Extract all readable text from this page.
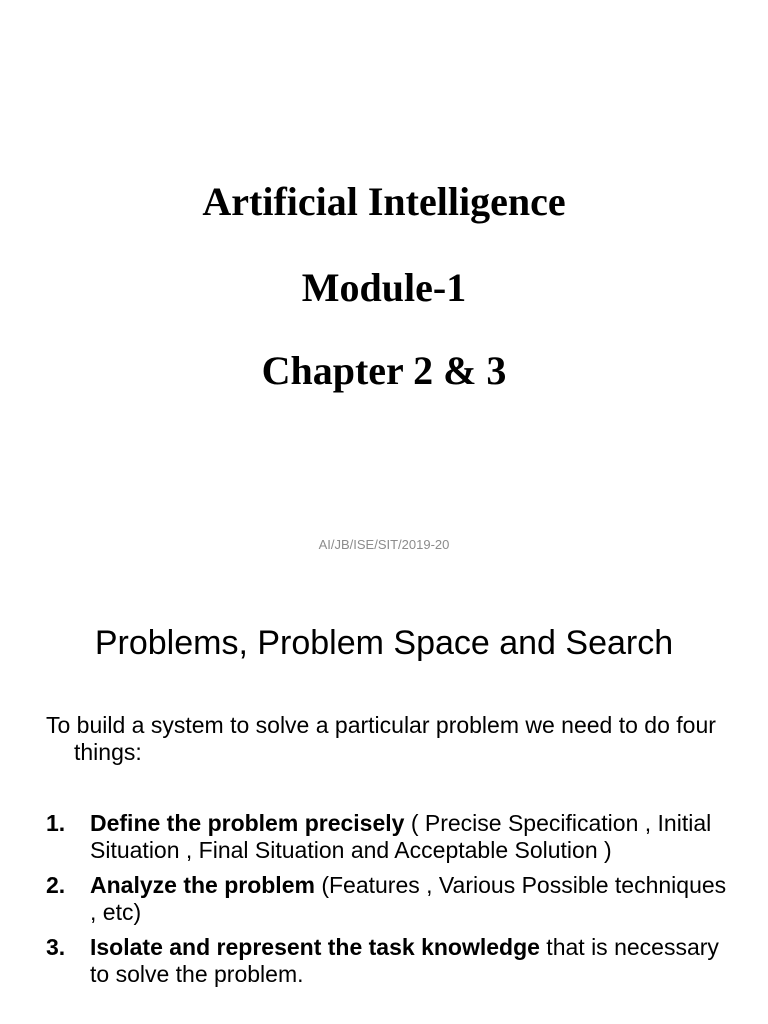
Artificial Intelligence
Module-1
Chapter 2 & 3

AI/JB/ISE/SIT/2019-20

Problems, Problem Space and Search

To build a system to solve a particular problem we need to do four things:

1. Define the problem precisely ( Precise Specification , Initial Situation , Final Situation and Acceptable Solution )
2. Analyze the problem (Features , Various Possible techniques , etc)
3. Isolate and represent the task knowledge that is necessary to solve the problem.
